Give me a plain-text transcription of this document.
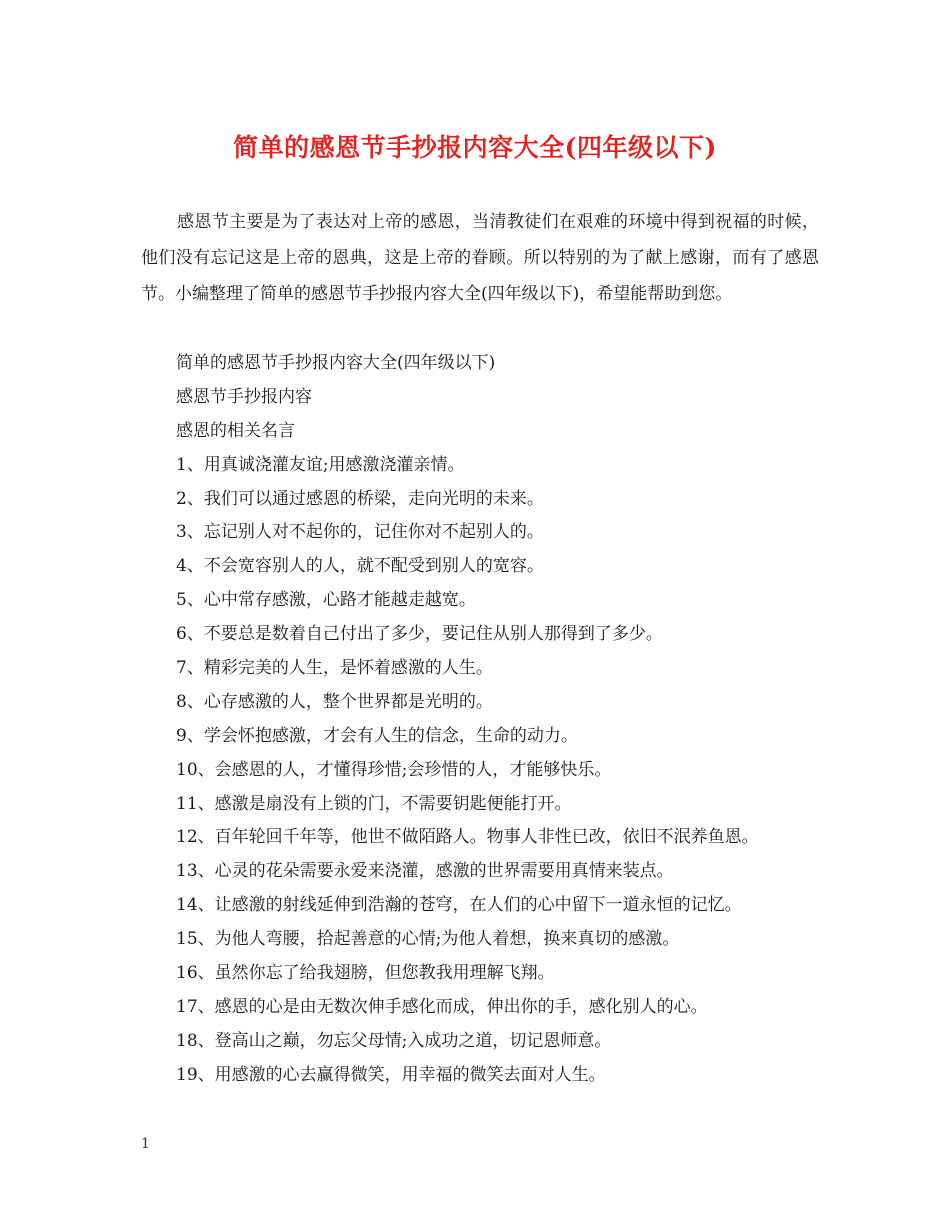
简单的感恩节手抄报内容大全(四年级以下)

感恩节主要是为了表达对上帝的感恩，当清教徒们在艰难的环境中得到祝福的时候，他们没有忘记这是上帝的恩典，这是上帝的眷顾。所以特别的为了献上感谢，而有了感恩节。小编整理了简单的感恩节手抄报内容大全(四年级以下)，希望能帮助到您。

简单的感恩节手抄报内容大全(四年级以下)
感恩节手抄报内容
感恩的相关名言
1、用真诚浇灌友谊;用感激浇灌亲情。
2、我们可以通过感恩的桥梁，走向光明的未来。
3、忘记别人对不起你的，记住你对不起别人的。
4、不会宽容别人的人，就不配受到别人的宽容。
5、心中常存感激，心路才能越走越宽。
6、不要总是数着自己付出了多少，要记住从别人那得到了多少。
7、精彩完美的人生，是怀着感激的人生。
8、心存感激的人，整个世界都是光明的。
9、学会怀抱感激，才会有人生的信念，生命的动力。
10、会感恩的人，才懂得珍惜;会珍惜的人，才能够快乐。
11、感激是扇没有上锁的门，不需要钥匙便能打开。
12、百年轮回千年等，他世不做陌路人。物事人非性已改，依旧不泯养鱼恩。
13、心灵的花朵需要永爱来浇灌，感激的世界需要用真情来装点。
14、让感激的射线延伸到浩瀚的苍穹，在人们的心中留下一道永恒的记忆。
15、为他人弯腰，拾起善意的心情;为他人着想，换来真切的感激。
16、虽然你忘了给我翅膀，但您教我用理解飞翔。
17、感恩的心是由无数次伸手感化而成，伸出你的手，感化别人的心。
18、登高山之巅，勿忘父母情;入成功之道，切记恩师意。
19、用感激的心去赢得微笑，用幸福的微笑去面对人生。
1
